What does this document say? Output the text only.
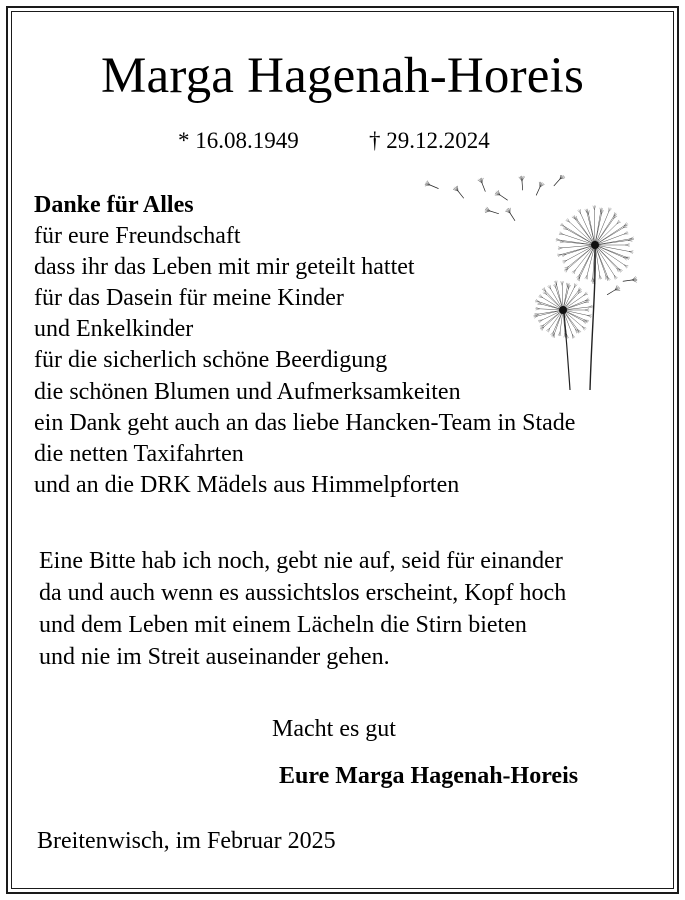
Marga Hagenah-Horeis
* 16.08.1949	† 29.12.2024
Danke für Alles
für eure Freundschaft
dass ihr das Leben mit mir geteilt hattet
für das Dasein für meine Kinder
und Enkelkinder
für die sicherlich schöne Beerdigung
die schönen Blumen und Aufmerksamkeiten
ein Dank geht auch an das liebe Hancken-Team in Stade
die netten Taxifahrten
und an die DRK Mädels aus Himmelpforten
Eine Bitte hab ich noch, gebt nie auf, seid für einander
da und auch wenn es aussichtslos erscheint, Kopf hoch
und dem Leben mit einem Lächeln die Stirn bieten
und nie im Streit auseinander gehen.
Macht es gut
Eure Marga Hagenah-Horeis
Breitenwisch, im Februar 2025
